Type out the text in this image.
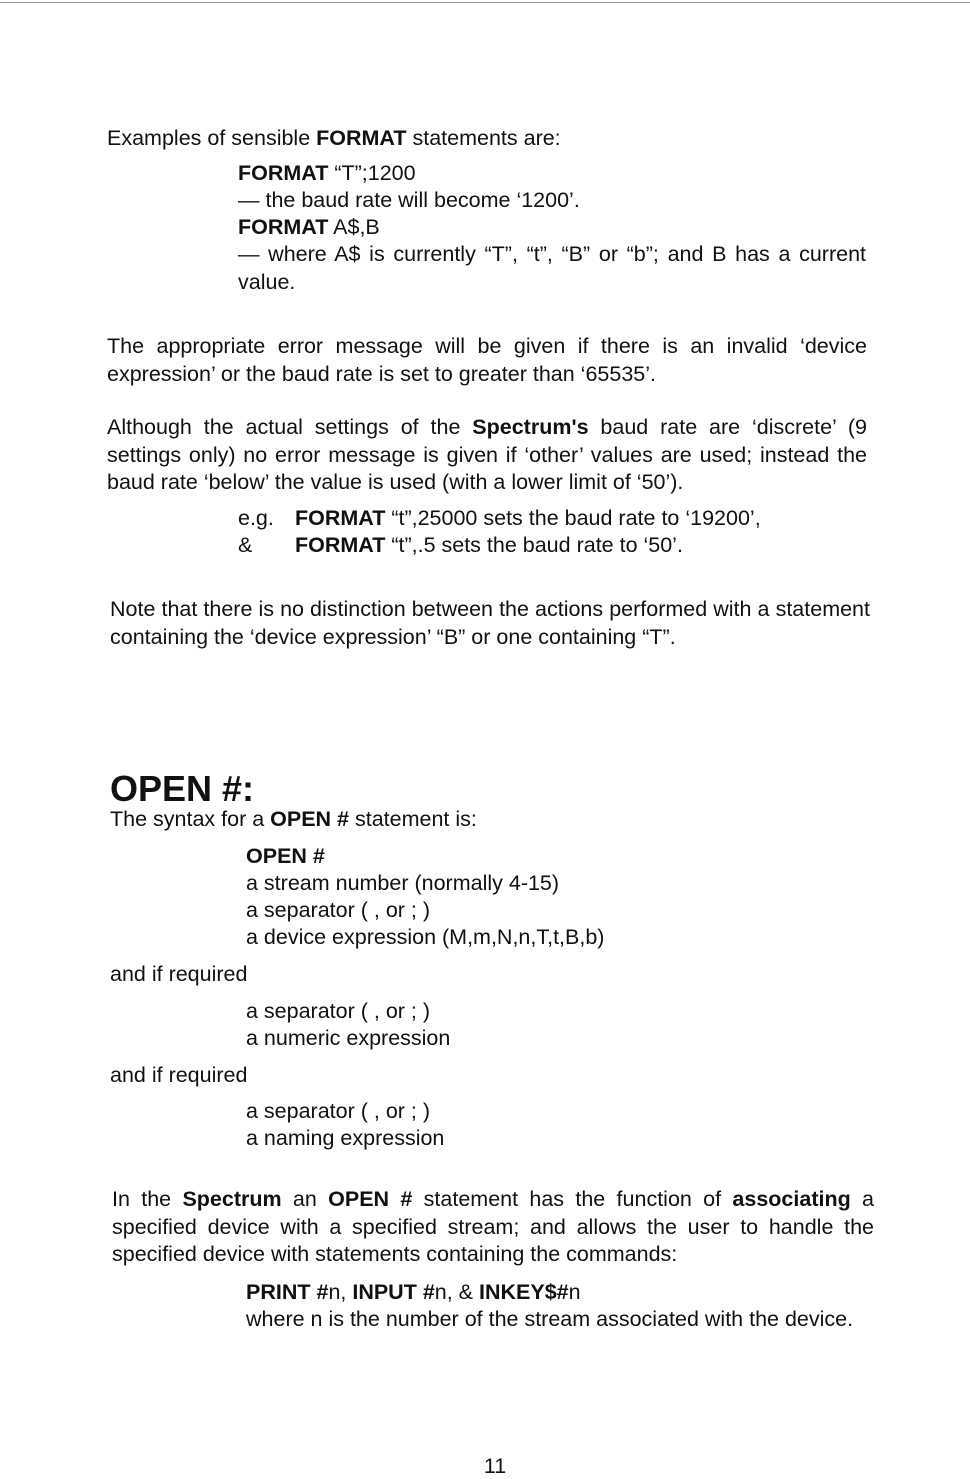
Examples of sensible FORMAT statements are:

FORMAT “T”;1200

— the baud rate will become ‘1200’.

FORMAT A$,B

— where A$ is currently “T”, “t”, “B” or “b”; and B has a current value.

The appropriate error message will be given if there is an invalid ‘device expression’ or the baud rate is set to greater than ‘65535’.

Although the actual settings of the Spectrum's baud rate are ‘discrete’ (9 settings only) no error message is given if ‘other’ values are used; instead the baud rate ‘below’ the value is used (with a lower limit of ‘50’).

e.g. FORMAT “t”,25000 sets the baud rate to ‘19200’,
& FORMAT “t”,.5 sets the baud rate to ‘50’.

Note that there is no distinction between the actions performed with a statement containing the ‘device expression’ “B” or one containing “T”.

OPEN #:

The syntax for a OPEN # statement is:

OPEN #

a stream number (normally 4-15)

a separator ( , or ; )

a device expression (M,m,N,n,T,t,B,b)

and if required

a separator ( , or ; )

a numeric expression

and if required

a separator ( , or ; )

a naming expression

In the Spectrum an OPEN # statement has the function of associating a specified device with a specified stream; and allows the user to handle the specified device with statements containing the commands:

PRINT #n, INPUT #n, & INKEY$#n

where n is the number of the stream associated with the device.

11
